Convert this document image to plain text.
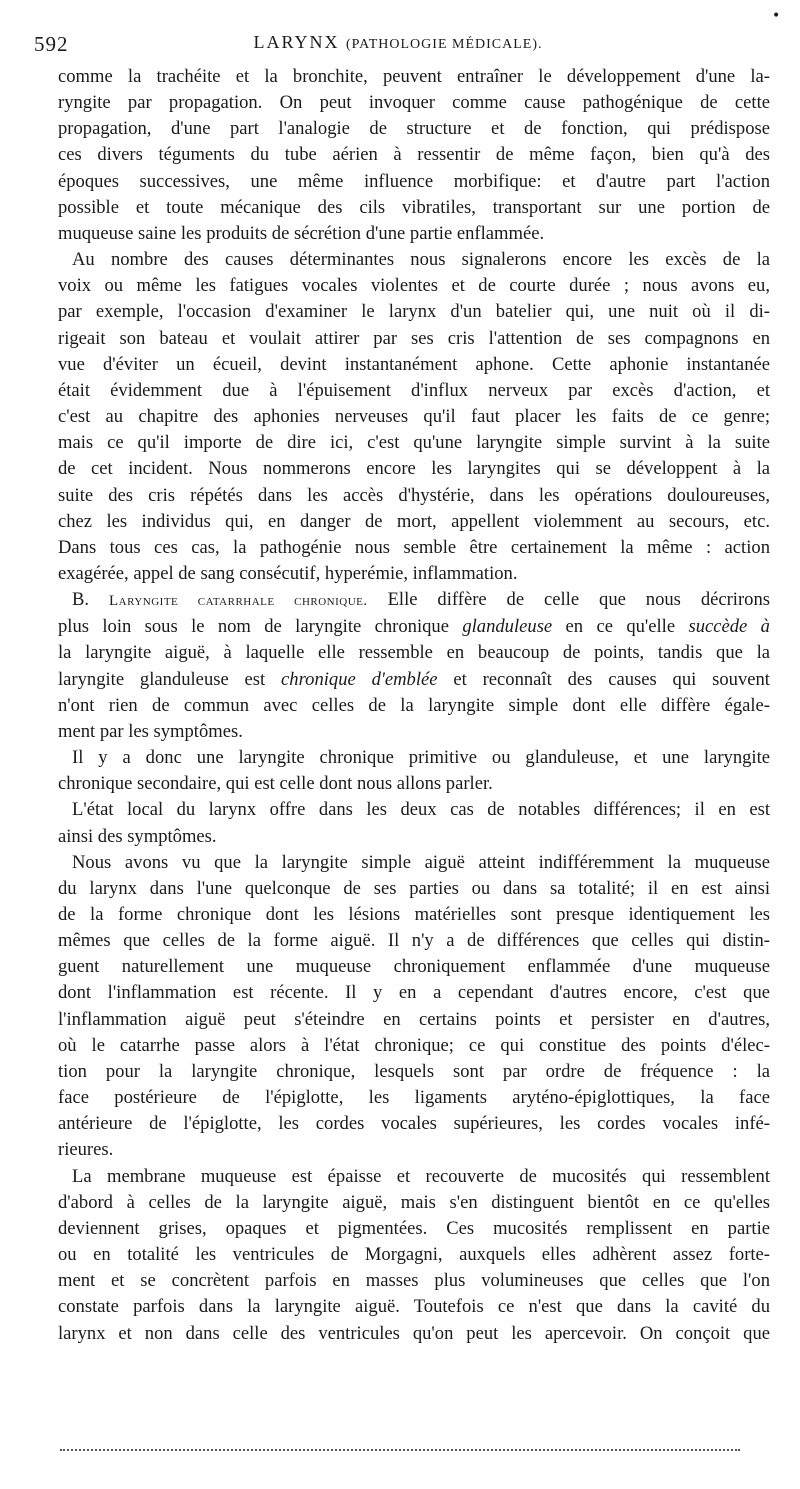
•
592	LARYNX (PATHOLOGIE MÉDICALE).
comme la trachéite et la bronchite, peuvent entraîner le développement d'une la-
ryngite par propagation. On peut invoquer comme cause pathogénique de cette
propagation, d'une part l'analogie de structure et de fonction, qui prédispose
ces divers téguments du tube aérien à ressentir de même façon, bien qu'à des
époques successives, une même influence morbifique: et d'autre part l'action
possible et toute mécanique des cils vibratiles, transportant sur une portion de
muqueuse saine les produits de sécrétion d'une partie enflammée.
Au nombre des causes déterminantes nous signalerons encore les excès de la
voix ou même les fatigues vocales violentes et de courte durée ; nous avons eu,
par exemple, l'occasion d'examiner le larynx d'un batelier qui, une nuit où il di-
rigeait son bateau et voulait attirer par ses cris l'attention de ses compagnons en
vue d'éviter un écueil, devint instantanément aphone. Cette aphonie instantanée
était évidemment due à l'épuisement d'influx nerveux par excès d'action, et
c'est au chapitre des aphonies nerveuses qu'il faut placer les faits de ce genre;
mais ce qu'il importe de dire ici, c'est qu'une laryngite simple survint à la suite
de cet incident. Nous nommerons encore les laryngites qui se développent à la
suite des cris répétés dans les accès d'hystérie, dans les opérations douloureuses,
chez les individus qui, en danger de mort, appellent violemment au secours, etc.
Dans tous ces cas, la pathogénie nous semble être certainement la même : action
exagérée, appel de sang consécutif, hyperémie, inflammation.
B. Laryngite catarrhale chronique. Elle diffère de celle que nous décrirons
plus loin sous le nom de laryngite chronique glanduleuse en ce qu'elle succède à
la laryngite aiguë, à laquelle elle ressemble en beaucoup de points, tandis que la
laryngite glanduleuse est chronique d'emblée et reconnaît des causes qui souvent
n'ont rien de commun avec celles de la laryngite simple dont elle diffère égale-
ment par les symptômes.
Il y a donc une laryngite chronique primitive ou glanduleuse, et une laryngite
chronique secondaire, qui est celle dont nous allons parler.
L'état local du larynx offre dans les deux cas de notables différences; il en est
ainsi des symptômes.
Nous avons vu que la laryngite simple aiguë atteint indifféremment la muqueuse
du larynx dans l'une quelconque de ses parties ou dans sa totalité; il en est ainsi
de la forme chronique dont les lésions matérielles sont presque identiquement les
mêmes que celles de la forme aiguë. Il n'y a de différences que celles qui distin-
guent naturellement une muqueuse chroniquement enflammée d'une muqueuse
dont l'inflammation est récente. Il y en a cependant d'autres encore, c'est que
l'inflammation aiguë peut s'éteindre en certains points et persister en d'autres,
où le catarrhe passe alors à l'état chronique; ce qui constitue des points d'élec-
tion pour la laryngite chronique, lesquels sont par ordre de fréquence : la
face postérieure de l'épiglotte, les ligaments aryténo-épiglottiques, la face
antérieure de l'épiglotte, les cordes vocales supérieures, les cordes vocales infé-
rieures.
La membrane muqueuse est épaisse et recouverte de mucosités qui ressemblent
d'abord à celles de la laryngite aiguë, mais s'en distinguent bientôt en ce qu'elles
deviennent grises, opaques et pigmentées. Ces mucosités remplissent en partie
ou en totalité les ventricules de Morgagni, auxquels elles adhèrent assez forte-
ment et se concrètent parfois en masses plus volumineuses que celles que l'on
constate parfois dans la laryngite aiguë. Toutefois ce n'est que dans la cavité du
larynx et non dans celle des ventricules qu'on peut les apercevoir. On conçoit que
